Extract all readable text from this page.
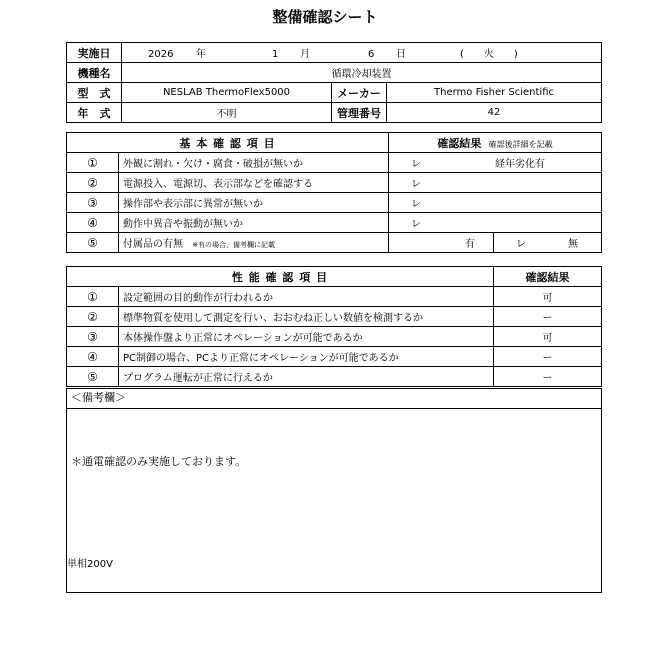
整備確認シート
実施日	2026 年 1 月 6 日 (　　火　　)		
機種名	循環冷却装置		
型　式	NESLAB ThermoFlex5000	メーカー	Thermo Fisher Scientific
年　式	不明	管理番号	42
基 本 確 認 項 目		確認結果 確認後詳細を記載	
①	外観に割れ・欠け・腐食・破損が無いか	レ 経年劣化有	
②	電源投入、電源切、表示部などを確認する	レ	
③	操作部や表示部に異常が無いか	レ	
④	動作中異音や振動が無いか	レ	
⑤	付属品の有無 ※有の場合、備考欄に記載	有	レ 無
性 能 確 認 項 目		確認結果
①	設定範囲の目的動作が行われるか	可
②	標準物質を使用して測定を行い、おおむね正しい数値を検測するか	ー
③	本体操作盤より正常にオペレーションが可能であるか	可
④	PC制御の場合、PCより正常にオペレーションが可能であるか	ー
⑤	プログラム運転が正常に行えるか	ー
＜備考欄＞

＊通電確認のみ実施しております。
単相200V
